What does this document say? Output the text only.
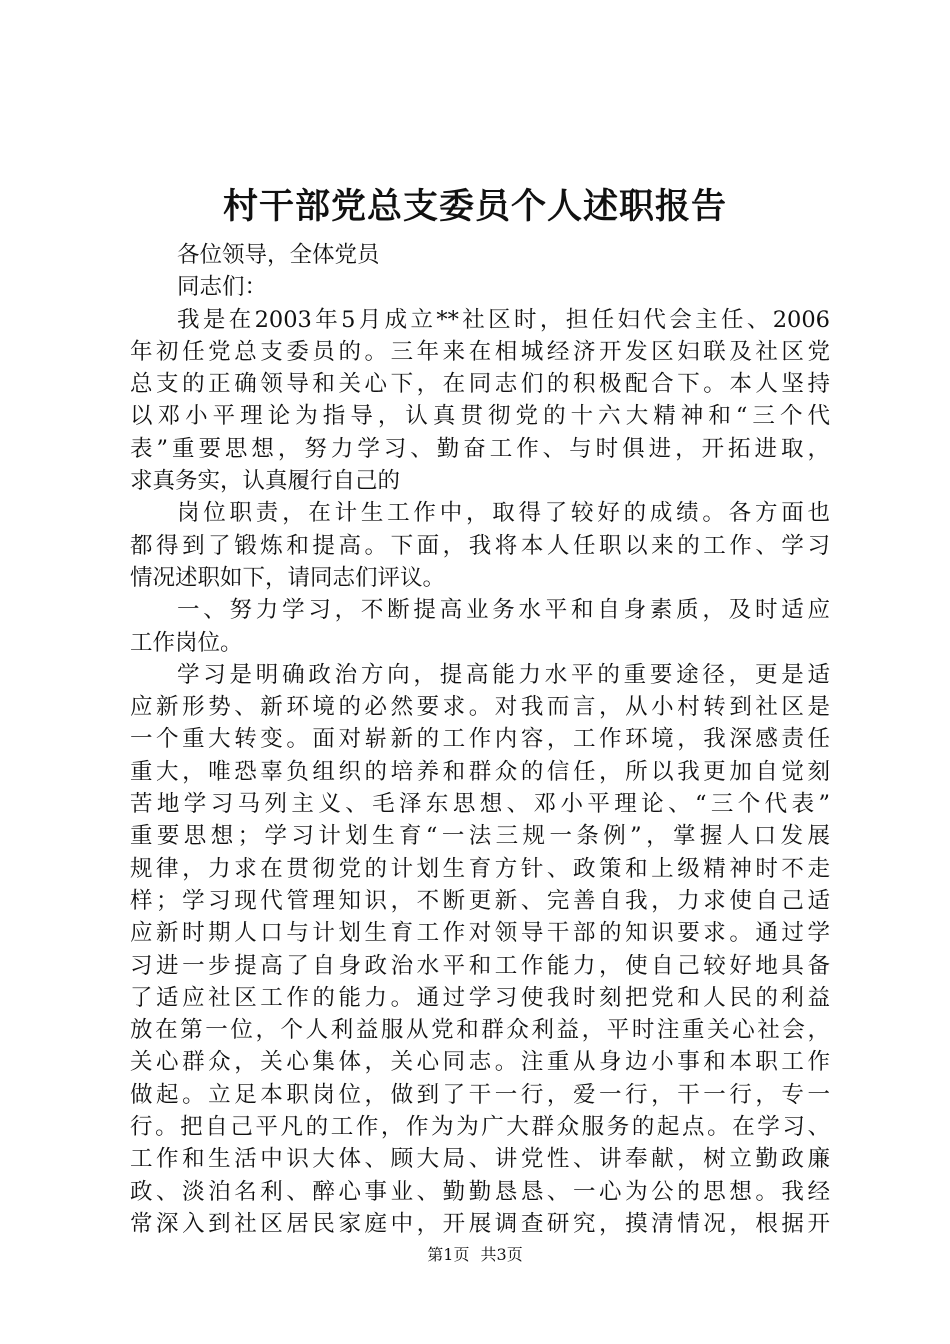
村干部党总支委员个人述职报告
各位领导，全体党员
同志们：
我是在2003年5月成立**社区时，担任妇代会主任、2006
年初任党总支委员的。三年来在相城经济开发区妇联及社区党
总支的正确领导和关心下，在同志们的积极配合下。本人坚持
以邓小平理论为指导，认真贯彻党的十六大精神和“三个代
表”重要思想，努力学习、勤奋工作、与时俱进，开拓进取，
求真务实，认真履行自己的
岗位职责，在计生工作中，取得了较好的成绩。各方面也
都得到了锻炼和提高。下面，我将本人任职以来的工作、学习
情况述职如下，请同志们评议。
一、努力学习，不断提高业务水平和自身素质，及时适应
工作岗位。
学习是明确政治方向，提高能力水平的重要途径，更是适
应新形势、新环境的必然要求。对我而言，从小村转到社区是
一个重大转变。面对崭新的工作内容，工作环境，我深感责任
重大，唯恐辜负组织的培养和群众的信任，所以我更加自觉刻
苦地学习马列主义、毛泽东思想、邓小平理论、“三个代表”
重要思想；学习计划生育“一法三规一条例”，掌握人口发展
规律，力求在贯彻党的计划生育方针、政策和上级精神时不走
样；学习现代管理知识，不断更新、完善自我，力求使自己适
应新时期人口与计划生育工作对领导干部的知识要求。通过学
习进一步提高了自身政治水平和工作能力，使自己较好地具备
了适应社区工作的能力。通过学习使我时刻把党和人民的利益
放在第一位，个人利益服从党和群众利益，平时注重关心社会，
关心群众，关心集体，关心同志。注重从身边小事和本职工作
做起。立足本职岗位，做到了干一行，爱一行，干一行，专一
行。把自己平凡的工作，作为为广大群众服务的起点。在学习、
工作和生活中识大体、顾大局、讲党性、讲奉献，树立勤政廉
政、淡泊名利、醉心事业、勤勤恳恳、一心为公的思想。我经
常深入到社区居民家庭中，开展调查研究，摸清情况，根据开
第1页 共3页
